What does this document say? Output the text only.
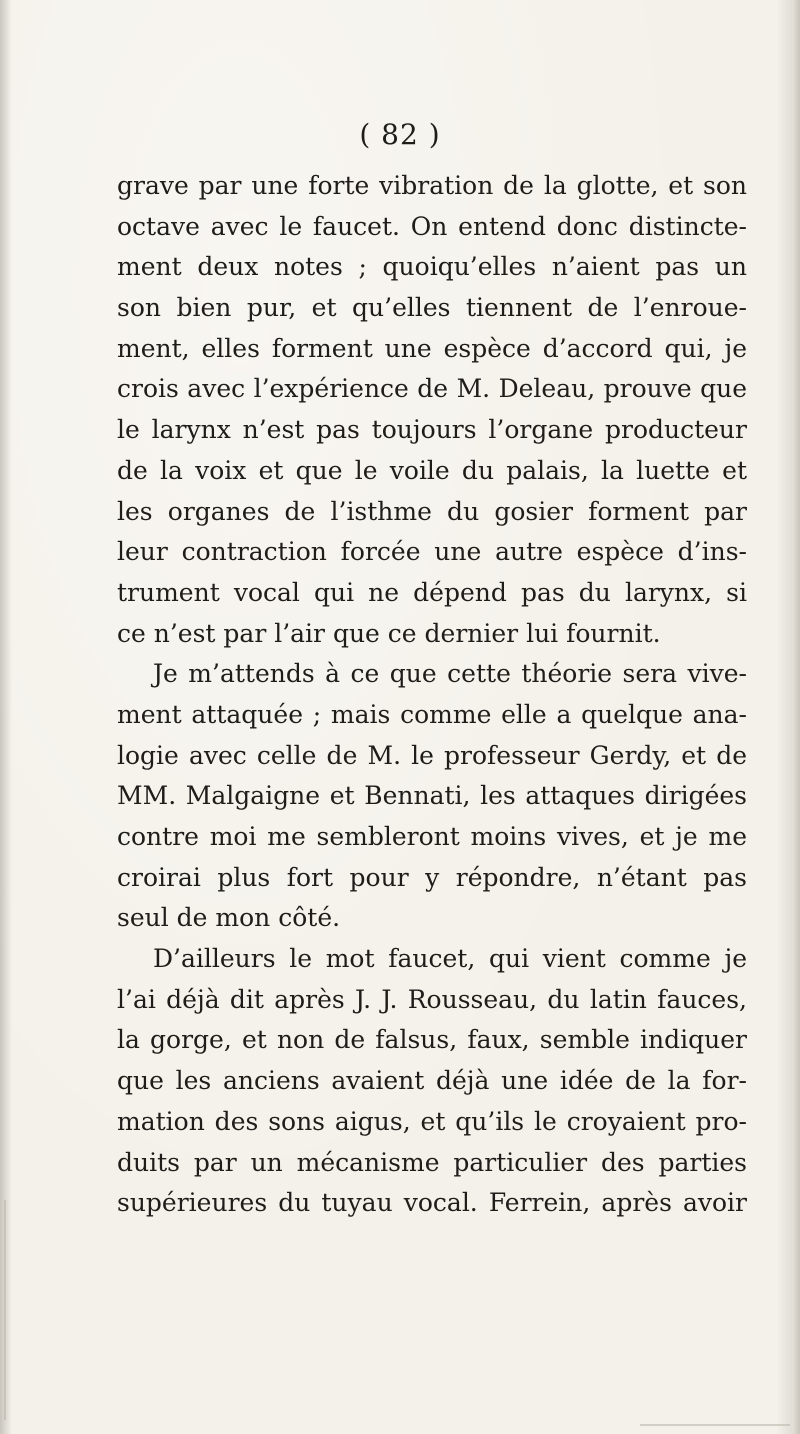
( 82 )
grave par une forte vibration de la glotte, et son
octave avec le faucet. On entend donc distincte-
ment deux notes ; quoiqu’elles n’aient pas un
son bien pur, et qu’elles tiennent de l’enroue-
ment, elles forment une espèce d’accord qui, je
crois avec l’expérience de M. Deleau, prouve que
le larynx n’est pas toujours l’organe producteur
de la voix et que le voile du palais, la luette et
les organes de l’isthme du gosier forment par
leur contraction forcée une autre espèce d’ins-
trument vocal qui ne dépend pas du larynx, si
ce n’est par l’air que ce dernier lui fournit.
Je m’attends à ce que cette théorie sera vive-
ment attaquée ; mais comme elle a quelque ana-
logie avec celle de M. le professeur Gerdy, et de
MM. Malgaigne et Bennati, les attaques dirigées
contre moi me sembleront moins vives, et je me
croirai plus fort pour y répondre, n’étant pas
seul de mon côté.
D’ailleurs le mot faucet, qui vient comme je
l’ai déjà dit après J. J. Rousseau, du latin fauces,
la gorge, et non de falsus, faux, semble indiquer
que les anciens avaient déjà une idée de la for-
mation des sons aigus, et qu’ils le croyaient pro-
duits par un mécanisme particulier des parties
supérieures du tuyau vocal. Ferrein, après avoir
